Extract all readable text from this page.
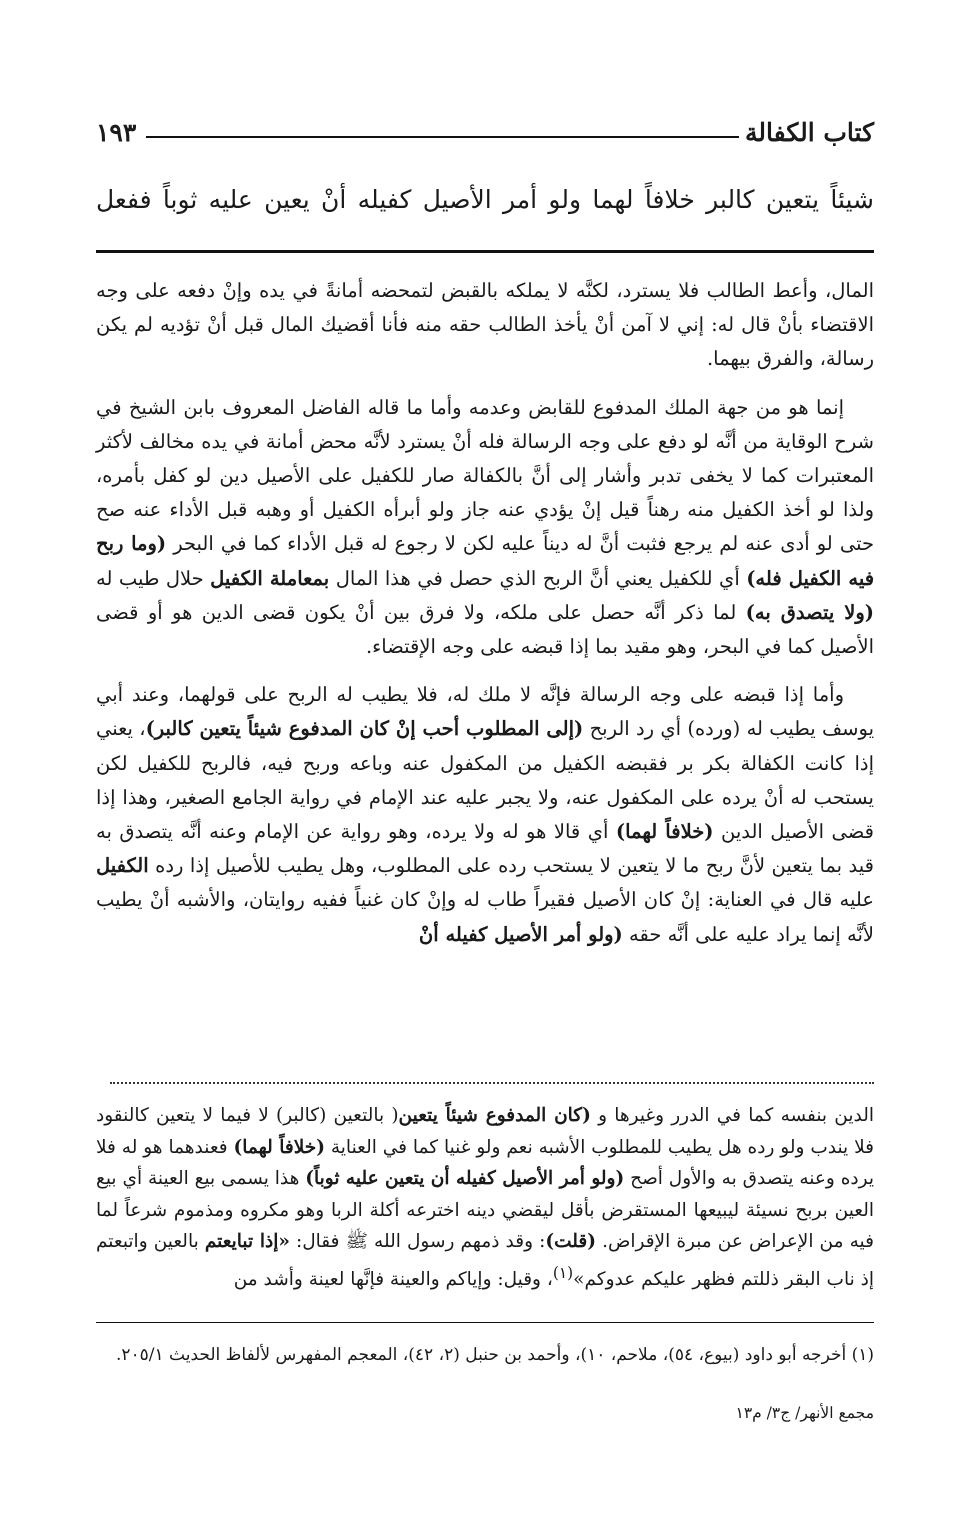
كتاب الكفالة
١٩٣
شيئاً يتعين كالبر خلافاً لهما ولو أمر الأصيل كفيله أنْ يعين عليه ثوباً ففعل

المال، وأعط الطالب فلا يسترد، لكنَّه لا يملكه بالقبض لتمحضه أمانةً في يده وإنْ دفعه على وجه الاقتضاء بأنْ قال له: إني لا آمن أنْ يأخذ الطالب حقه منه فأنا أقضيك المال قبل أنْ تؤديه لم يكن رسالة، والفرق بيهما.

إنما هو من جهة الملك المدفوع للقابض وعدمه وأما ما قاله الفاضل المعروف بابن الشيخ في شرح الوقاية من أنَّه لو دفع على وجه الرسالة فله أنْ يسترد لأنَّه محض أمانة في يده مخالف لأكثر المعتبرات كما لا يخفى تدبر وأشار إلى أنَّ بالكفالة صار للكفيل على الأصيل دين لو كفل بأمره، ولذا لو أخذ الكفيل منه رهناً قيل إنْ يؤدي عنه جاز ولو أبرأه الكفيل أو وهبه قبل الأداء عنه صح حتى لو أدى عنه لم يرجع فثبت أنَّ له ديناً عليه لكن لا رجوع له قبل الأداء كما في البحر (وما ربح فيه الكفيل فله) أي للكفيل يعني أنَّ الربح الذي حصل في هذا المال بمعاملة الكفيل حلال طيب له (ولا يتصدق به) لما ذكر أنَّه حصل على ملكه، ولا فرق بين أنْ يكون قضى الدين هو أو قضى الأصيل كما في البحر، وهو مقيد بما إذا قبضه على وجه الإقتضاء.

وأما إذا قبضه على وجه الرسالة فإنَّه لا ملك له، فلا يطيب له الربح على قولهما، وعند أبي يوسف يطيب له (ورده) أي رد الربح (إلى المطلوب أحب إنْ كان المدفوع شيئاً يتعين كالبر)، يعني إذا كانت الكفالة بكر بر فقبضه الكفيل من المكفول عنه وباعه وربح فيه، فالربح للكفيل لكن يستحب له أنْ يرده على المكفول عنه، ولا يجبر عليه عند الإمام في رواية الجامع الصغير، وهذا إذا قضى الأصيل الدين (خلافاً لهما) أي قالا هو له ولا يرده، وهو رواية عن الإمام وعنه أنَّه يتصدق به قيد بما يتعين لأنَّ ربح ما لا يتعين لا يستحب رده على المطلوب، وهل يطيب للأصيل إذا رده الكفيل عليه قال في العناية: إنْ كان الأصيل فقيراً طاب له وإنْ كان غنياً ففيه روايتان، والأشبه أنْ يطيب لأنَّه إنما يراد عليه على أنَّه حقه (ولو أمر الأصيل كفيله أنْ

الدين بنفسه كما في الدرر وغيرها و (كان المدفوع شيئاً يتعين( بالتعين (كالبر) لا فيما لا يتعين كالنقود فلا يندب ولو رده هل يطيب للمطلوب الأشبه نعم ولو غنيا كما في العناية (خلافاً لهما) فعندهما هو له فلا يرده وعنه يتصدق به والأول أصح (ولو أمر الأصيل كفيله أن يتعين عليه ثوباً) هذا يسمى بيع العينة أي بيع العين بربح نسيئة ليبيعها المستقرض بأقل ليقضي دينه اخترعه أكلة الربا وهو مكروه ومذموم شرعاً لما فيه من الإعراض عن مبرة الإقراض. (قلت): وقد ذمهم رسول الله ﷺ فقال: «إذا تبايعتم بالعين واتبعتم إذ ناب البقر ذللتم فظهر عليكم عدوكم»$^{(١)}$، وقيل: وإياكم والعينة فإنَّها لعينة وأشد من

(١) أخرجه أبو داود (بيوع، ٥٤)، ملاحم، ١٠)، وأحمد بن حنبل (٢، ٤٢)، المعجم المفهرس لألفاظ الحديث ٢٠٥/١.
مجمع الأنهر/ ج٣/ م١٣
